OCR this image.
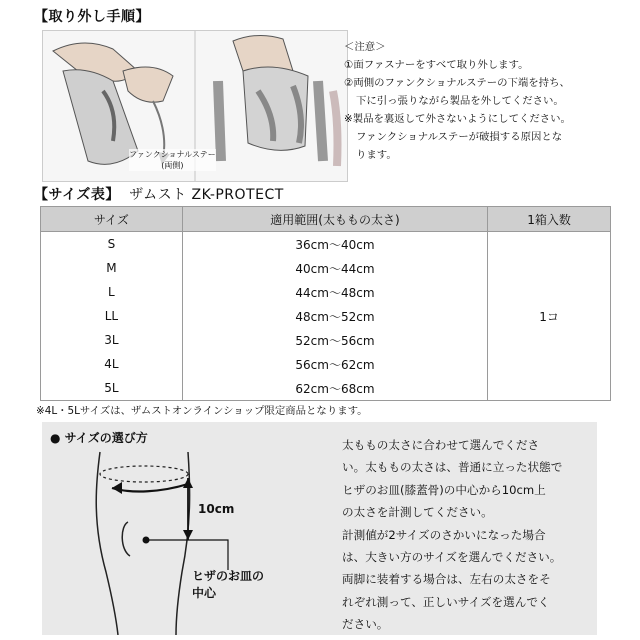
【取り外し手順】
ファンクショナルステー
(両側)
＜注意＞
①面ファスナーをすべて取り外します。
②両側のファンクショナルステーの下端を持ち、
下に引っ張りながら製品を外してください。
※製品を裏返して外さないようにしてください。
ファンクショナルステーが破損する原因とな
ります。
【サイズ表】 ザムスト ZK-PROTECT
サイズ	適用範囲(太ももの太さ)	1箱入数
S	36cm～40cm	1コ
M	40cm～44cm	
L	44cm～48cm	
LL	48cm～52cm	
3L	52cm～56cm	
4L	56cm～62cm	
5L	62cm～68cm	
※4L・5Lサイズは、ザムストオンラインショップ限定商品となります。
● サイズの選び方
10cm
ヒザのお皿の
中心
太ももの太さに合わせて選んでくださ
い。太ももの太さは、普通に立った状態で
ヒザのお皿(膝蓋骨)の中心から10cm上
の太さを計測してください。
計測値が2サイズのさかいになった場合
は、大きい方のサイズを選んでください。
両脚に装着する場合は、左右の太さをそ
れぞれ測って、正しいサイズを選んでく
ださい。
